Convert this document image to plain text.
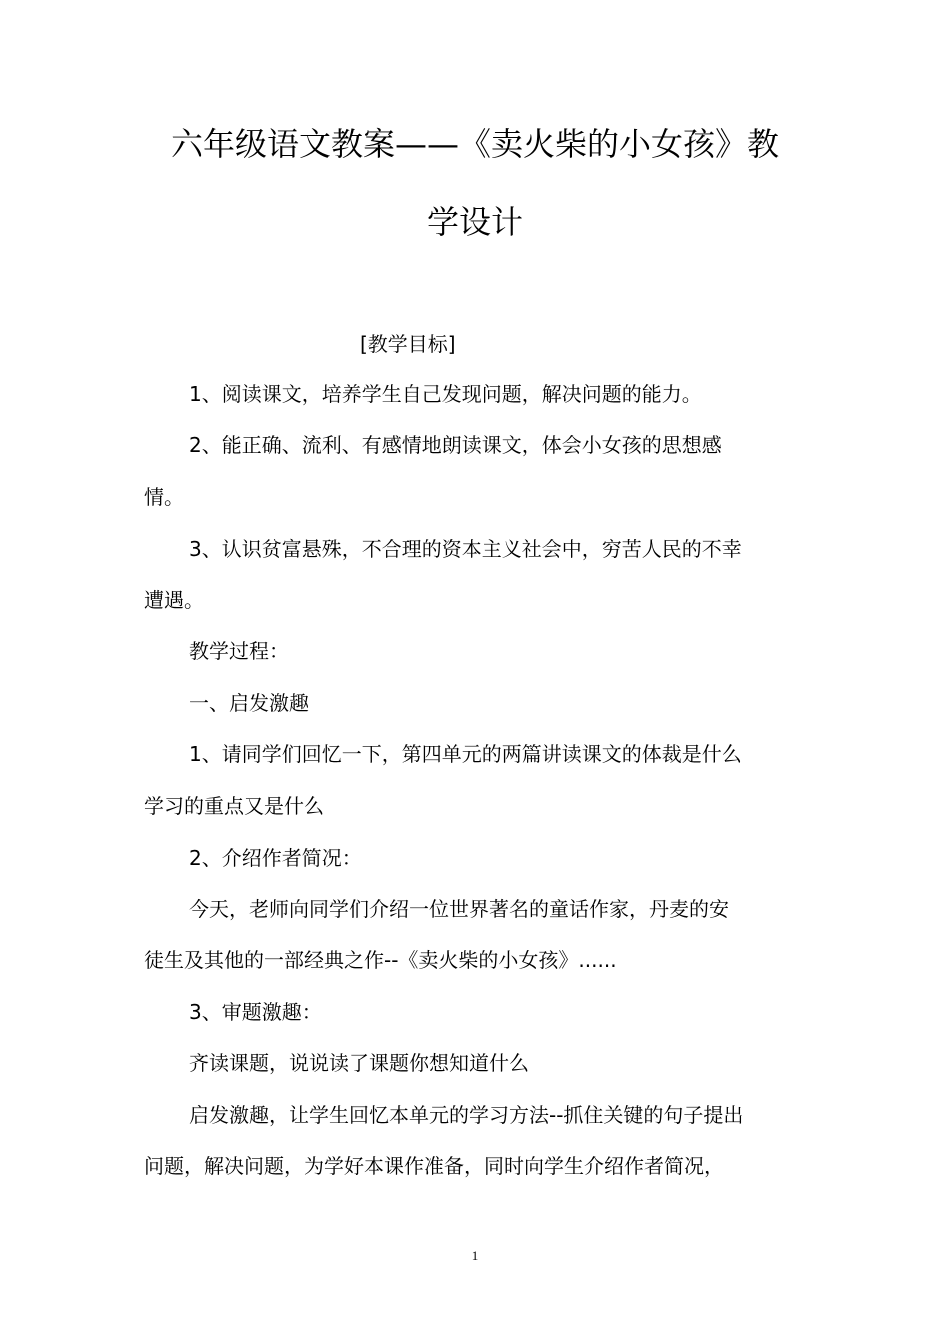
六年级语文教案——《卖火柴的小女孩》教
学设计
[教学目标]

1、阅读课文，培养学生自己发现问题，解决问题的能力。

2、能正确、流利、有感情地朗读课文，体会小女孩的思想感

情。

3、认识贫富悬殊，不合理的资本主义社会中，穷苦人民的不幸

遭遇。

教学过程：

一、启发激趣

1、请同学们回忆一下，第四单元的两篇讲读课文的体裁是什么

学习的重点又是什么

2、介绍作者简况：

今天，老师向同学们介绍一位世界著名的童话作家，丹麦的安

徒生及其他的一部经典之作--《卖火柴的小女孩》......

3、审题激趣：

齐读课题，说说读了课题你想知道什么

启发激趣，让学生回忆本单元的学习方法--抓住关键的句子提出

问题，解决问题，为学好本课作准备，同时向学生介绍作者简况，

1
